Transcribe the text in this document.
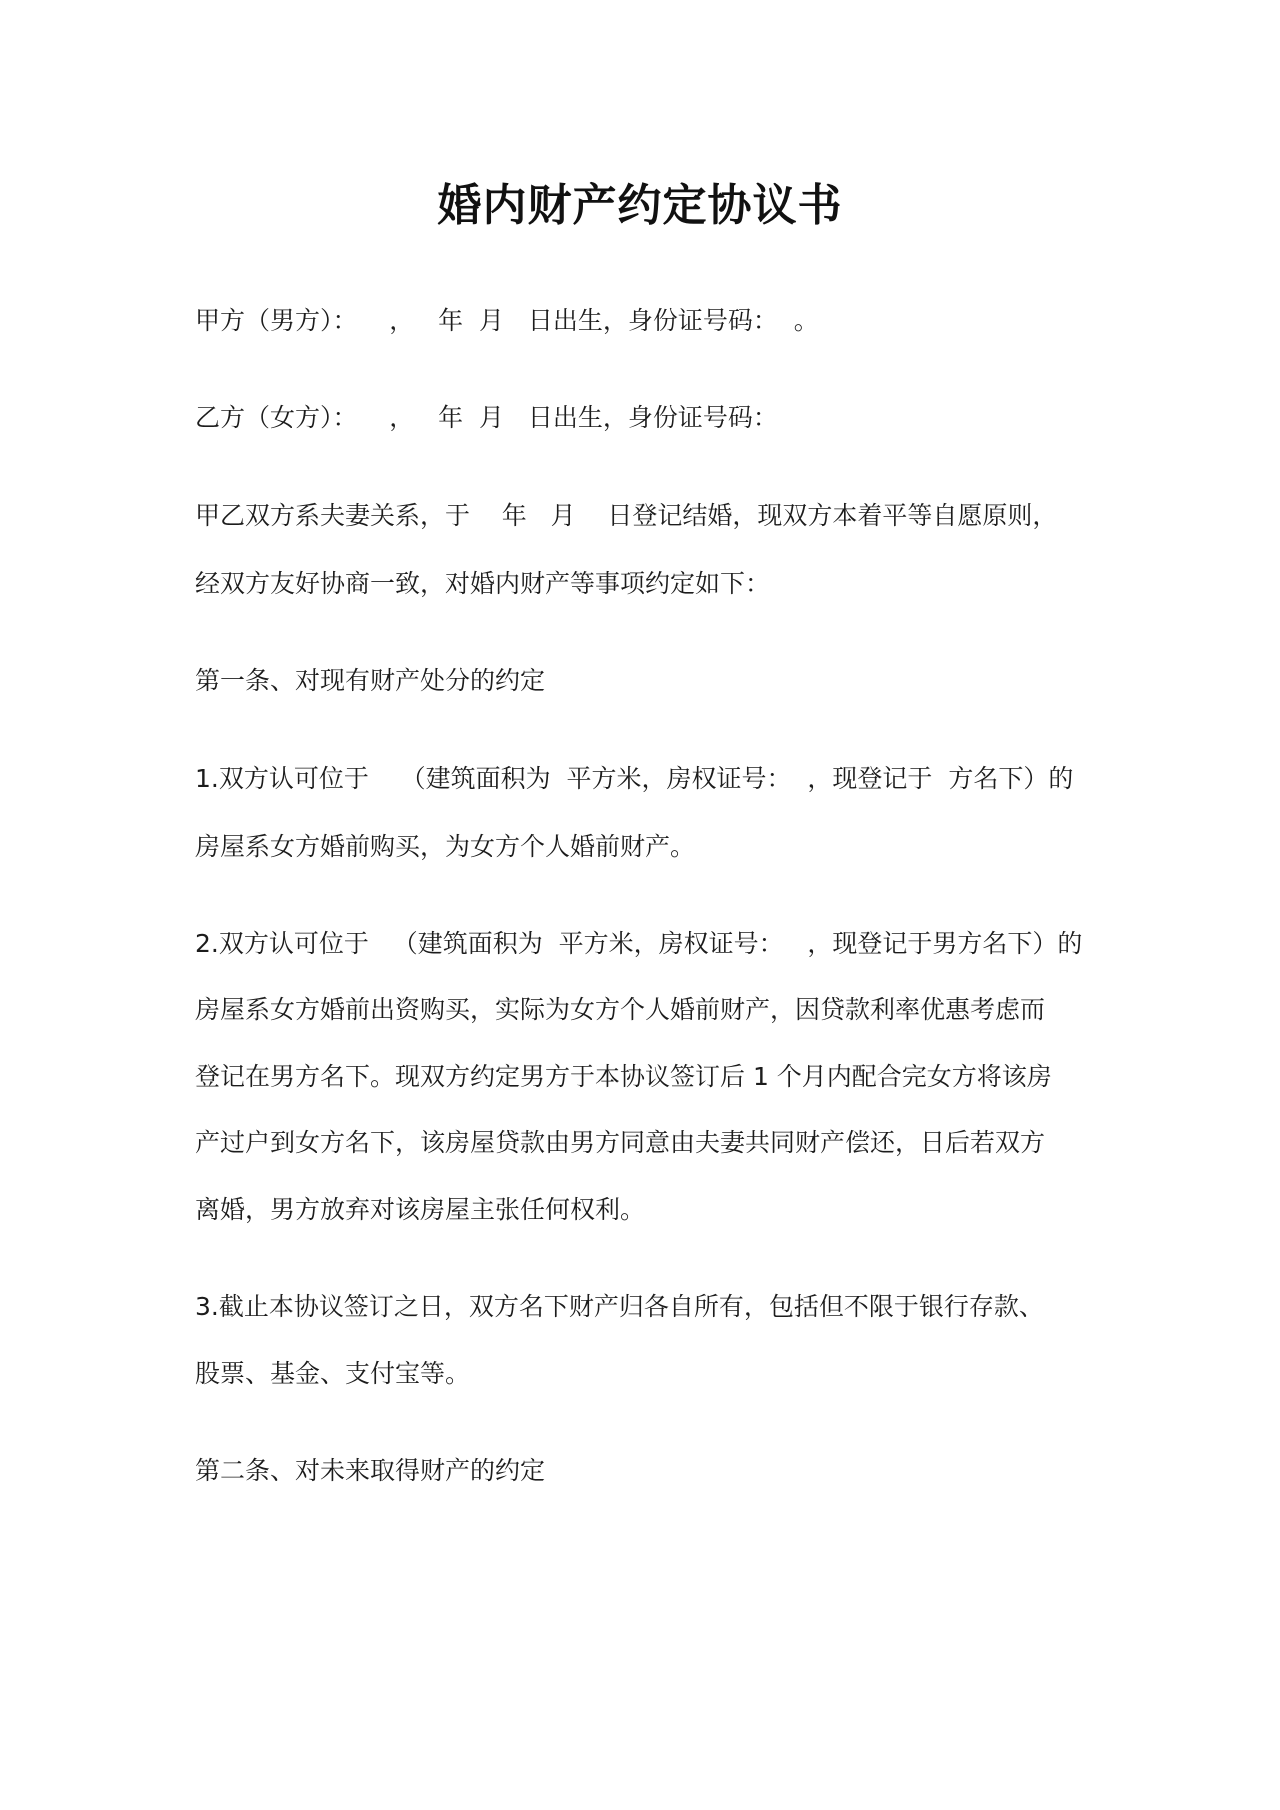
婚内财产约定协议书

甲方（男方）：    ，   年  月   日出生，身份证号码：  。

乙方（女方）：    ，   年  月   日出生，身份证号码：

甲乙双方系夫妻关系，于    年   月    日登记结婚，现双方本着平等自愿原则，

经双方友好协商一致，对婚内财产等事项约定如下：

第一条、对现有财产处分的约定

1.双方认可位于    （建筑面积为  平方米，房权证号：  ，现登记于  方名下）的

房屋系女方婚前购买，为女方个人婚前财产。

2.双方认可位于   （建筑面积为  平方米，房权证号：   ，现登记于男方名下）的

房屋系女方婚前出资购买，实际为女方个人婚前财产，因贷款利率优惠考虑而

登记在男方名下。现双方约定男方于本协议签订后 1 个月内配合完女方将该房

产过户到女方名下，该房屋贷款由男方同意由夫妻共同财产偿还，日后若双方

离婚，男方放弃对该房屋主张任何权利。

3.截止本协议签订之日，双方名下财产归各自所有，包括但不限于银行存款、

股票、基金、支付宝等。

第二条、对未来取得财产的约定
